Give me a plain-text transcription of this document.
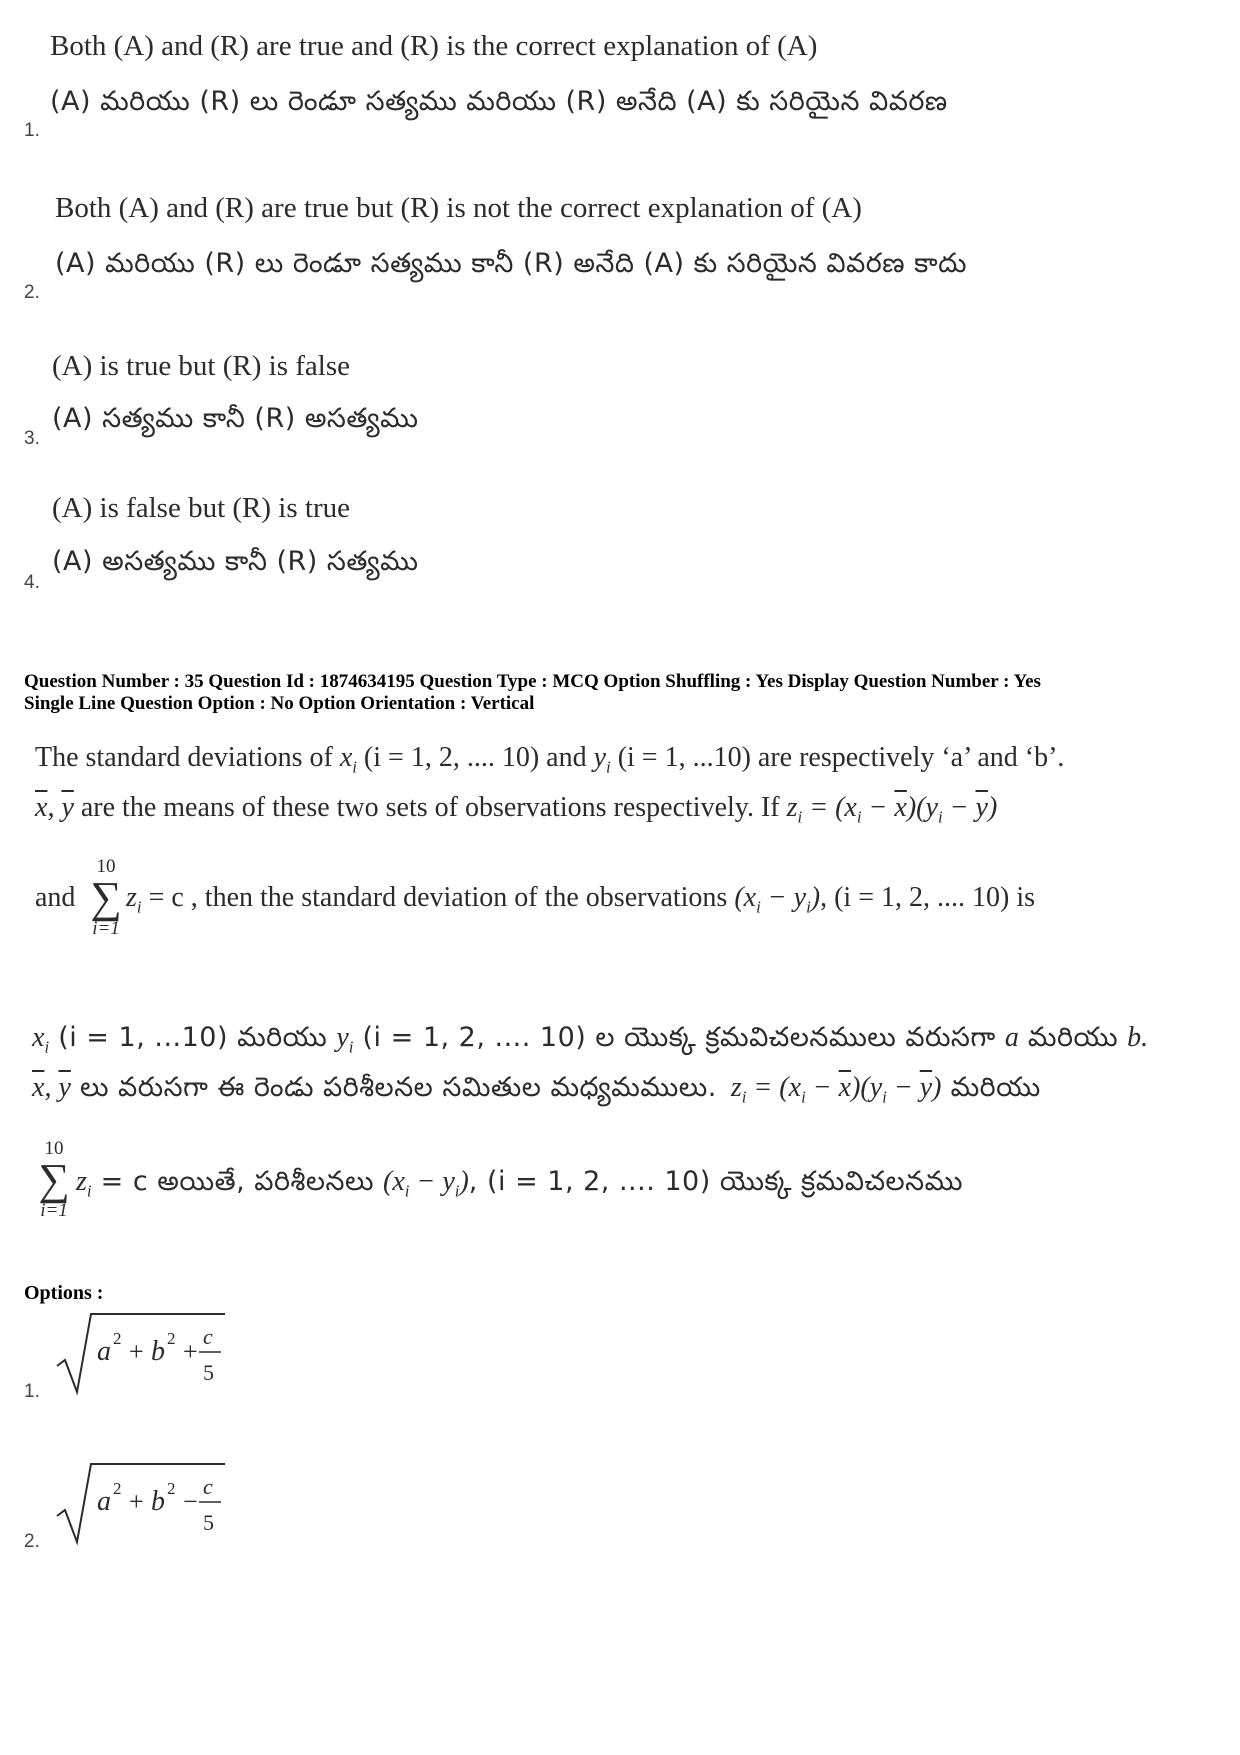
Both (A) and (R) are true and (R) is the correct explanation of (A)
(A) మరియు (R) లు రెండూ సత్యము మరియు (R) అనేది (A) కు సరియైన వివరణ
1.
Both (A) and (R) are true but (R) is not the correct explanation of (A)
(A) మరియు (R) లు రెండూ సత్యము కానీ (R) అనేది (A) కు సరియైన వివరణ కాదు
2.
(A) is true but (R) is false
(A) సత్యము కానీ (R) అసత్యము
3.
(A) is false but (R) is true
(A) అసత్యము కానీ (R) సత్యము
4.
Question Number : 35 Question Id : 1874634195 Question Type : MCQ Option Shuffling : Yes Display Question Number : Yes
Single Line Question Option : No Option Orientation : Vertical
The standard deviations of $x_i$ (i = 1, 2, .... 10) and $y_i$ (i = 1, ...10) are respectively ‘a’ and ‘b’.
$\overline{x}$, $\overline{y}$ are the means of these two sets of observations respectively. If $z_i = (x_i - \overline{x})(y_i - \overline{y})$
and
10
∑
i=1
$z_i = c$ , then the standard deviation of the observations $(x_i - y_i)$, (i = 1, 2, .... 10) is
$x_i$ (i = 1, ...10) మరియు $y_i$ (i = 1, 2, .... 10) ల యొక్క క్రమవిచలనములు వరుసగా a మరియు b.
$\overline{x}$, $\overline{y}$ లు వరుసగా ఈ రెండు పరిశీలనల సమితుల మధ్యమములు. $z_i = (x_i - \overline{x})(y_i - \overline{y})$ మరియు
10
∑
i=1
$z_i = c$ అయితే, పరిశీలనలు $(x_i - y_i)$, (i = 1, 2, .... 10) యొక్క క్రమవిచలనము
Options :
1.
a 2 + b 2 +
c
5
2.
a 2 + b 2 −
c
5
